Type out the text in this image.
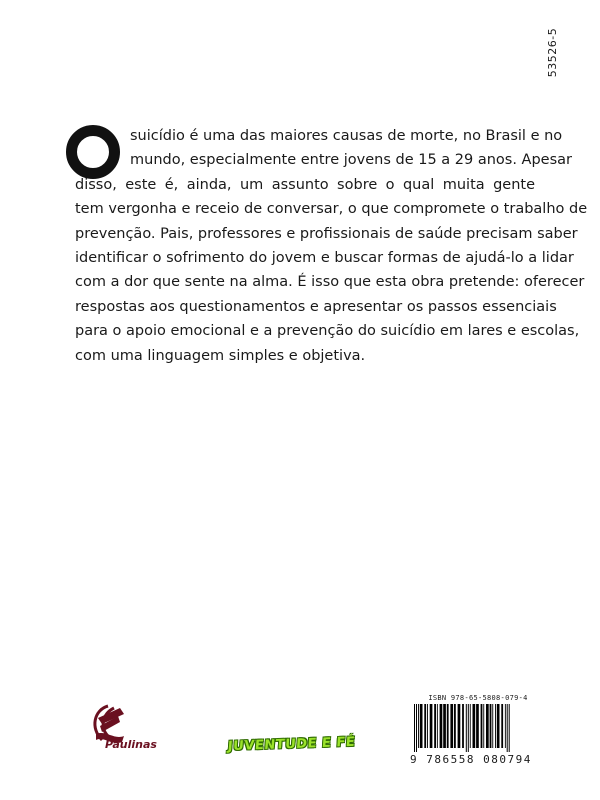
53526-5
suicídio é uma das maiores causas de morte, no Brasil e no
mundo, especialmente entre jovens de 15 a 29 anos. Apesar
disso, este é, ainda, um assunto sobre o qual muita gente
tem vergonha e receio de conversar, o que compromete o trabalho de
prevenção. Pais, professores e profissionais de saúde precisam saber
identificar o sofrimento do jovem e buscar formas de ajudá-lo a lidar
com a dor que sente na alma. É isso que esta obra pretende: oferecer
respostas aos questionamentos e apresentar os passos essenciais
para o apoio emocional e a prevenção do suicídio em lares e escolas,
com uma linguagem simples e objetiva.
Paulinas	JUVENTUDE E FÉ
ISBN 978-65-5808-079-4
9 786558 080794
